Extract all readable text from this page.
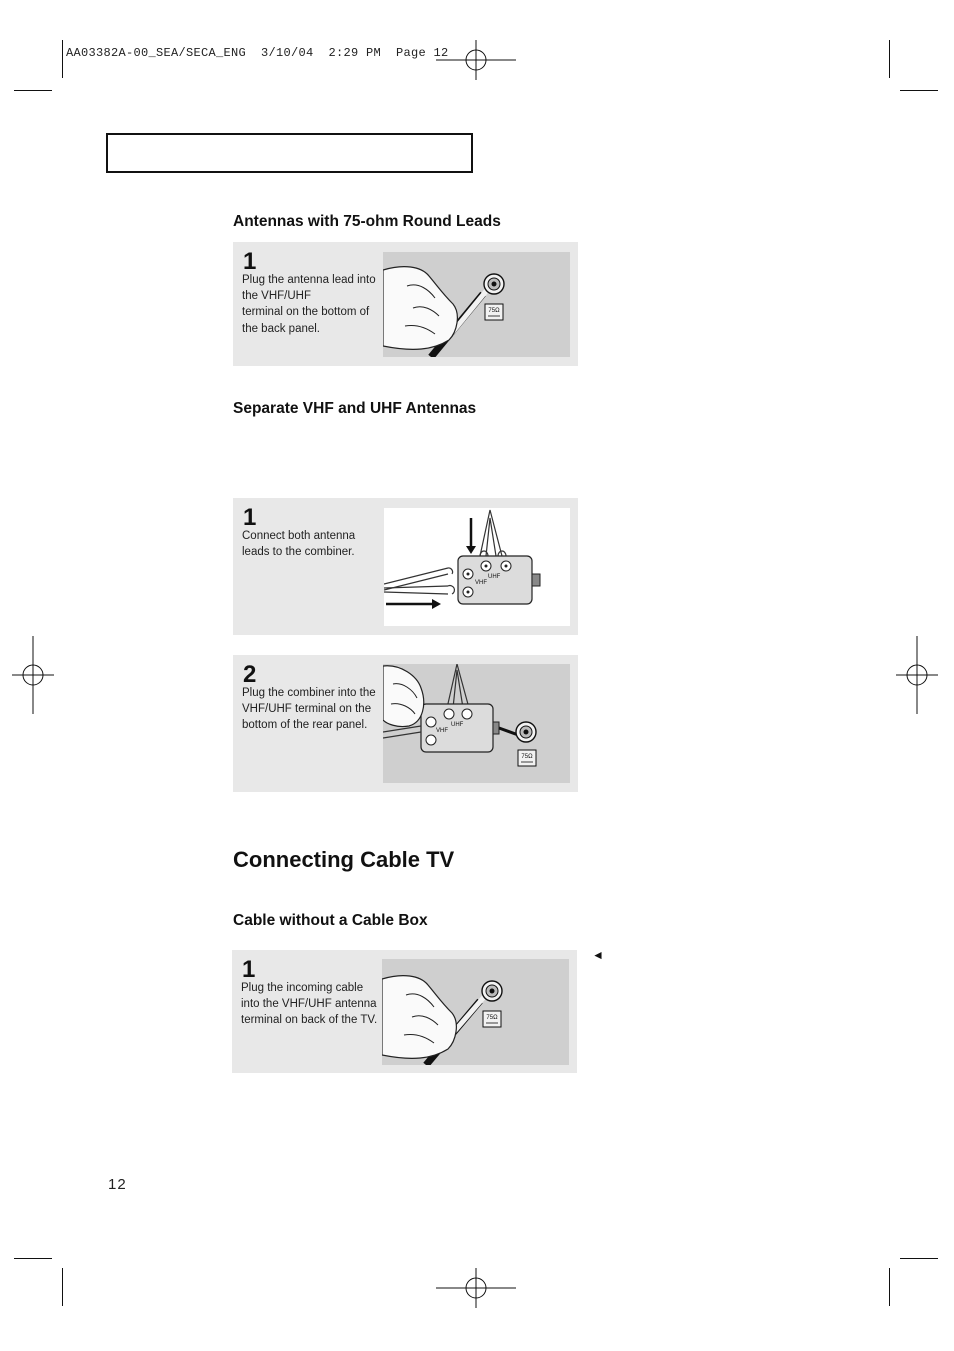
AA03382A-00_SEA/SECA_ENG  3/10/04  2:29 PM  Page 12
Antennas with 75-ohm Round Leads
1
Plug the antenna lead into
the VHF/UHF
terminal on the bottom of
the back panel.
75Ω
Separate VHF and UHF Antennas
1
Connect both antenna
leads to the combiner.
VHF
UHF
2
Plug the combiner into the
VHF/UHF terminal on the
bottom of the rear panel.	VHF
UHF
75Ω
Connecting Cable TV
Cable without a Cable Box
1
Plug the incoming cable
into the VHF/UHF antenna
terminal on back of the TV.	75Ω
◄
12
